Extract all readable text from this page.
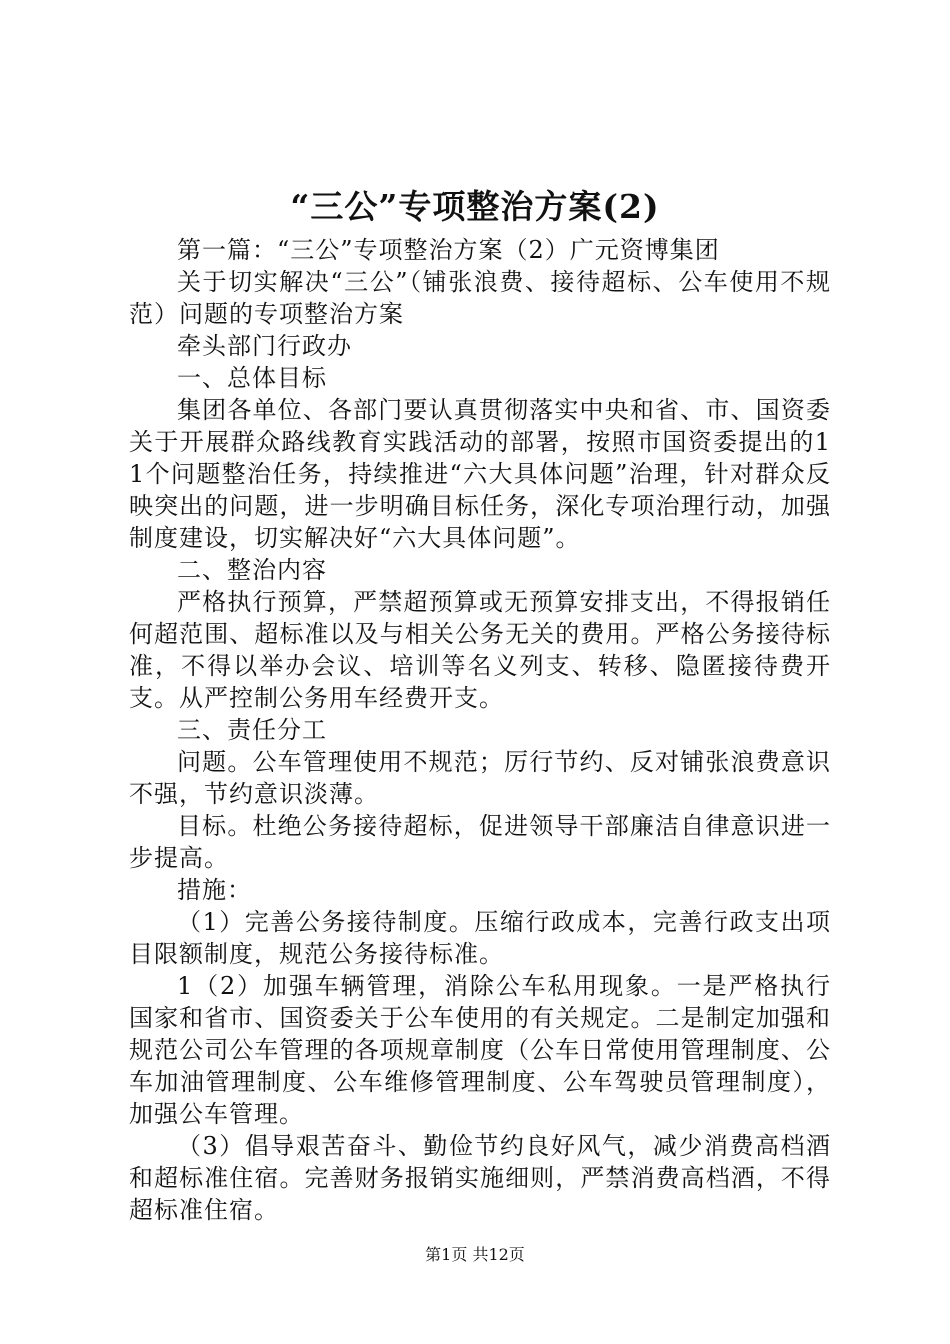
“三公”专项整治方案(2)

第一篇：“三公”专项整治方案（2）广元资博集团

关于切实解决“三公”（铺张浪费、接待超标、公车使用不规范）问题的专项整治方案

牵头部门行政办

一、总体目标

集团各单位、各部门要认真贯彻落实中央和省、市、国资委关于开展群众路线教育实践活动的部署，按照市国资委提出的11个问题整治任务，持续推进“六大具体问题”治理，针对群众反映突出的问题，进一步明确目标任务，深化专项治理行动，加强制度建设，切实解决好“六大具体问题”。

二、整治内容

严格执行预算，严禁超预算或无预算安排支出，不得报销任何超范围、超标准以及与相关公务无关的费用。严格公务接待标准，不得以举办会议、培训等名义列支、转移、隐匿接待费开支。从严控制公务用车经费开支。

三、责任分工

问题。公车管理使用不规范；厉行节约、反对铺张浪费意识不强，节约意识淡薄。

目标。杜绝公务接待超标，促进领导干部廉洁自律意识进一步提高。

措施：

（1）完善公务接待制度。压缩行政成本，完善行政支出项目限额制度，规范公务接待标准。

1（2）加强车辆管理，消除公车私用现象。一是严格执行国家和省市、国资委关于公车使用的有关规定。二是制定加强和规范公司公车管理的各项规章制度（公车日常使用管理制度、公车加油管理制度、公车维修管理制度、公车驾驶员管理制度），加强公车管理。

（3）倡导艰苦奋斗、勤俭节约良好风气，减少消费高档酒和超标准住宿。完善财务报销实施细则，严禁消费高档酒，不得超标准住宿。

第1页 共12页
